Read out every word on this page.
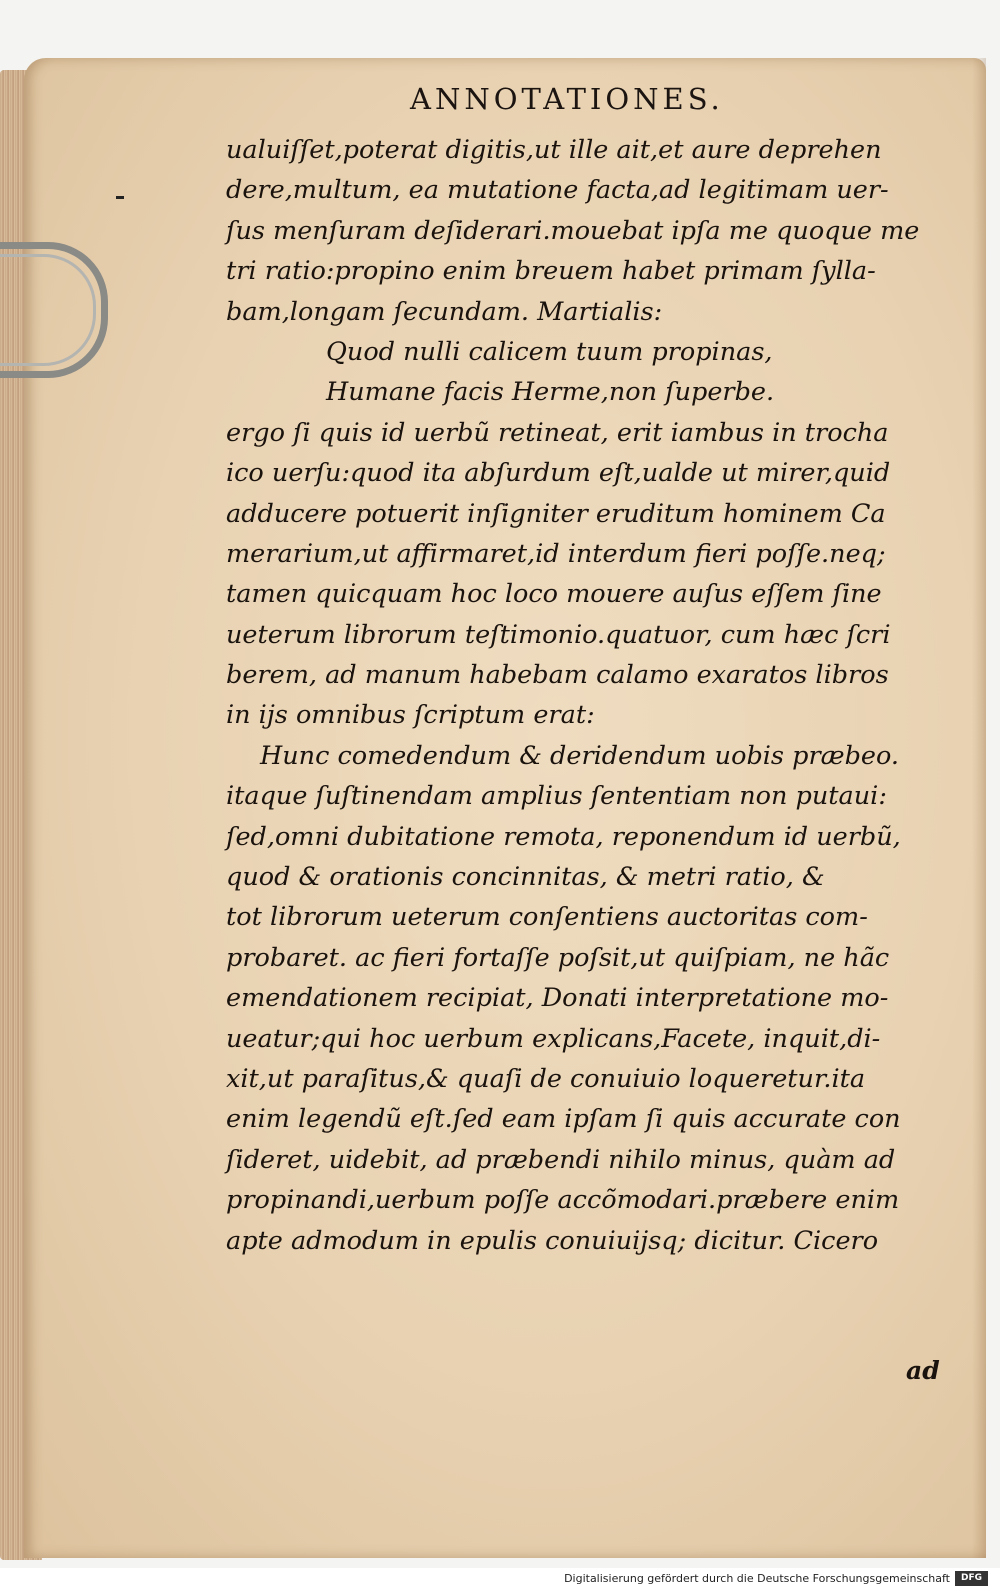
ANNOTATIONES.
ualuiſſet,poterat digitis,ut ille ait,et aure deprehen
dere,multum, ea mutatione facta,ad legitimam uer-
ſus menſuram deſiderari.mouebat ipſa me quoque me
tri ratio:propino enim breuem habet primam ſylla-
bam,longam ſecundam. Martialis:
Quod nulli calicem tuum propinas,
Humane facis Herme,non ſuperbe.
ergo ſi quis id uerbũ retineat, erit iambus in trocha
ico uerſu:quod ita abſurdum eſt,ualde ut mirer,quid
adducere potuerit inſigniter eruditum hominem Ca
merarium,ut affirmaret,id interdum fieri poſſe.neq;
tamen quicquam hoc loco mouere auſus eſſem ſine
ueterum librorum teſtimonio.quatuor, cum hæc ſcri
berem, ad manum habebam calamo exaratos libros
in ijs omnibus ſcriptum erat:
Hunc comedendum & deridendum uobis præbeo.
itaque ſuſtinendam amplius ſententiam non putaui:
ſed,omni dubitatione remota, reponendum id uerbũ,
quod & orationis concinnitas, & metri ratio, &
tot librorum ueterum conſentiens auctoritas com-
probaret. ac fieri fortaſſe poſsit,ut quiſpiam, ne hãc
emendationem recipiat, Donati interpretatione mo-
ueatur;qui hoc uerbum explicans,Facete, inquit,di-
xit,ut paraſitus,& quaſi de conuiuio loqueretur.ita
enim legendũ eſt.ſed eam ipſam ſi quis accurate con
ſideret, uidebit, ad præbendi nihilo minus, quàm ad
propinandi,uerbum poſſe accõmodari.præbere enim
apte admodum in epulis conuiuijsq; dicitur. Cicero
ad
Digitalisierung gefördert durch die Deutsche Forschungsgemeinschaft	DFG
